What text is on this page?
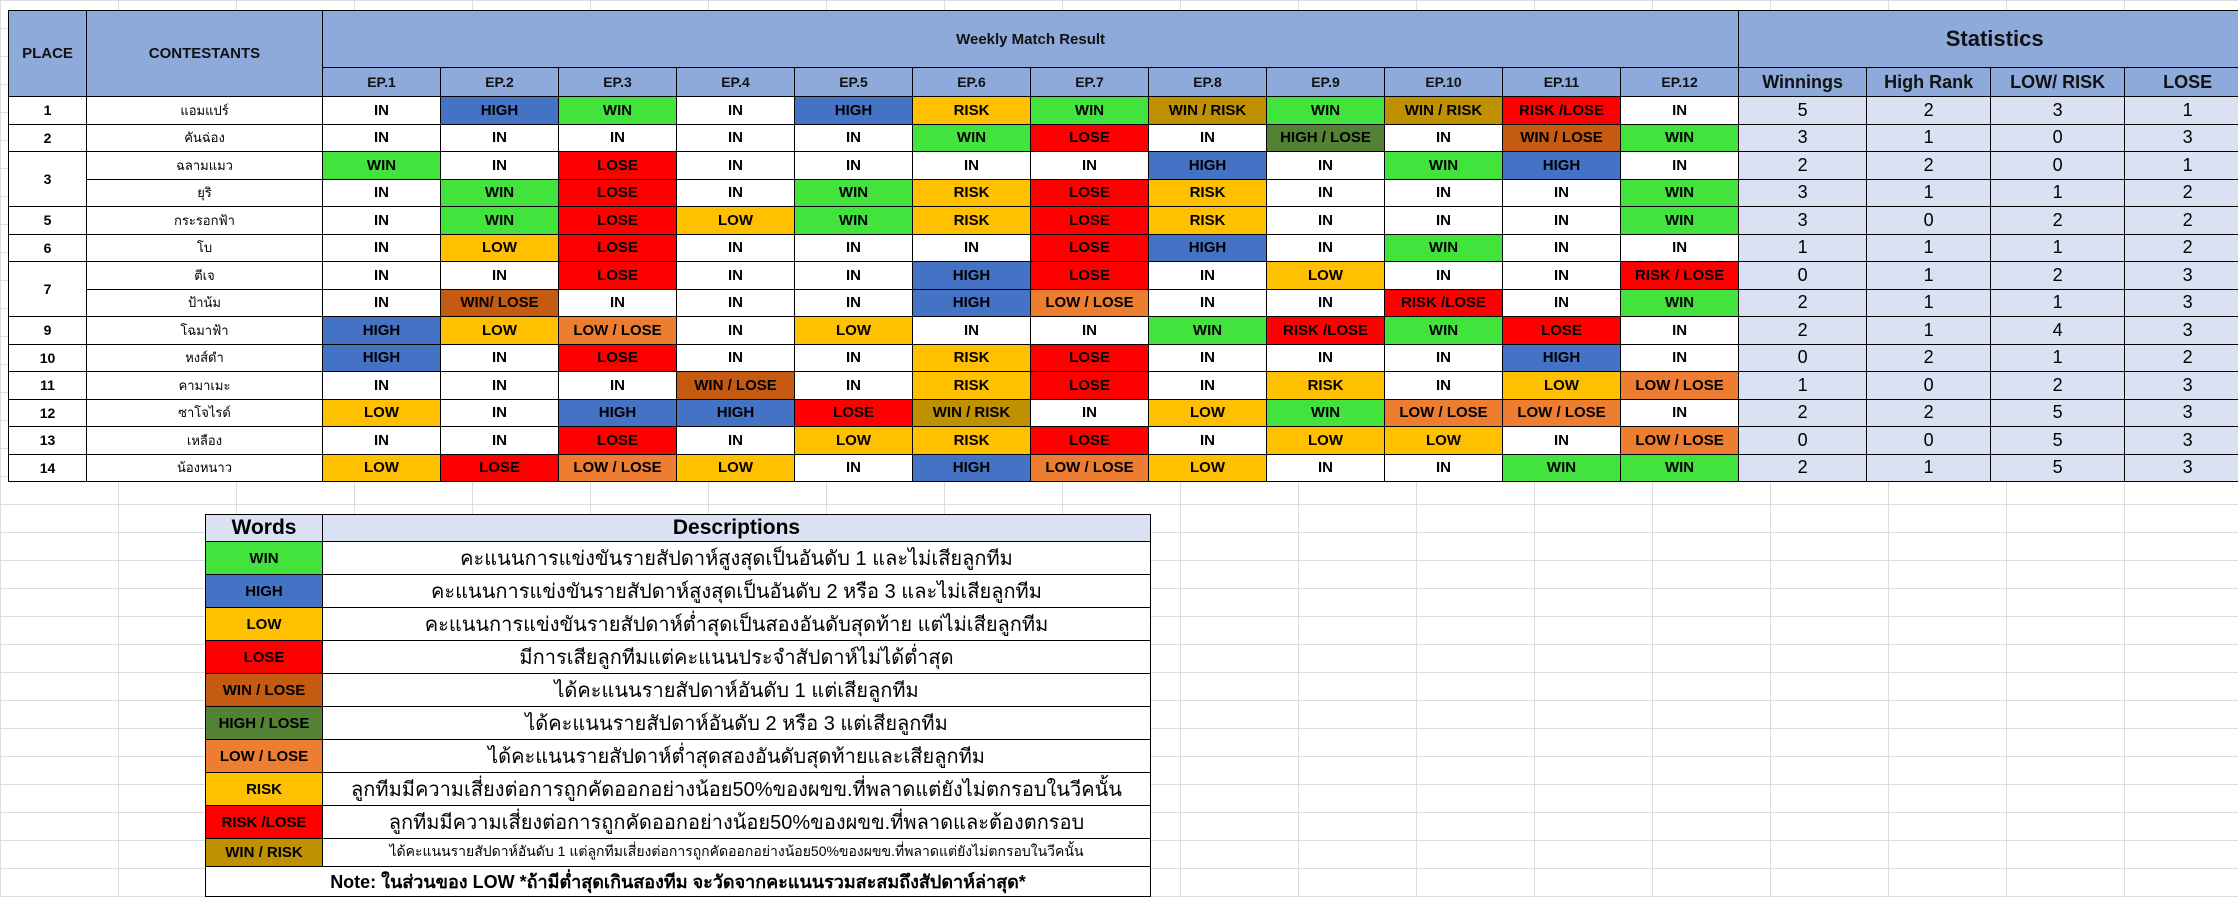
PLACE	CONTESTANTS	Weekly Match Result												Statistics			
		EP.1	EP.2	EP.3	EP.4	EP.5	EP.6	EP.7	EP.8	EP.9	EP.10	EP.11	EP.12	Winnings	High Rank	LOW/ RISK	LOSE
1	แอมแปร์	IN	HIGH	WIN	IN	HIGH	RISK	WIN	WIN / RISK	WIN	WIN / RISK	RISK /LOSE	IN	5	2	3	1
2	คันฉ่อง	IN	IN	IN	IN	IN	WIN	LOSE	IN	HIGH / LOSE	IN	WIN / LOSE	WIN	3	1	0	3
3	ฉลามแมว	WIN	IN	LOSE	IN	IN	IN	IN	HIGH	IN	WIN	HIGH	IN	2	2	0	1
	ยุริ	IN	WIN	LOSE	IN	WIN	RISK	LOSE	RISK	IN	IN	IN	WIN	3	1	1	2
5	กระรอกฟ้า	IN	WIN	LOSE	LOW	WIN	RISK	LOSE	RISK	IN	IN	IN	WIN	3	0	2	2
6	โบ	IN	LOW	LOSE	IN	IN	IN	LOSE	HIGH	IN	WIN	IN	IN	1	1	1	2
7	ตีเจ	IN	IN	LOSE	IN	IN	HIGH	LOSE	IN	LOW	IN	IN	RISK / LOSE	0	1	2	3
	ป้าน้ม	IN	WIN/ LOSE	IN	IN	IN	HIGH	LOW / LOSE	IN	IN	RISK /LOSE	IN	WIN	2	1	1	3
9	โฉมาฟ้า	HIGH	LOW	LOW / LOSE	IN	LOW	IN	IN	WIN	RISK /LOSE	WIN	LOSE	IN	2	1	4	3
10	หงส์ดำ	HIGH	IN	LOSE	IN	IN	RISK	LOSE	IN	IN	IN	HIGH	IN	0	2	1	2
11	คามาเมะ	IN	IN	IN	WIN / LOSE	IN	RISK	LOSE	IN	RISK	IN	LOW	LOW / LOSE	1	0	2	3
12	ซาโจไรด์	LOW	IN	HIGH	HIGH	LOSE	WIN / RISK	IN	LOW	WIN	LOW / LOSE	LOW / LOSE	IN	2	2	5	3
13	เหลือง	IN	IN	LOSE	IN	LOW	RISK	LOSE	IN	LOW	LOW	IN	LOW / LOSE	0	0	5	3
14	น้องหนาว	LOW	LOSE	LOW / LOSE	LOW	IN	HIGH	LOW / LOSE	LOW	IN	IN	WIN	WIN	2	1	5	3
Words	Descriptions
WIN	คะแนนการแข่งขันรายสัปดาห์สูงสุดเป็นอันดับ 1 และไม่เสียลูกทีม
HIGH	คะแนนการแข่งขันรายสัปดาห์สูงสุดเป็นอันดับ 2 หรือ 3 และไม่เสียลูกทีม
LOW	คะแนนการแข่งขันรายสัปดาห์ต่ำสุดเป็นสองอันดับสุดท้าย แต่ไม่เสียลูกทีม
LOSE	มีการเสียลูกทีมแต่คะแนนประจำสัปดาห์ไม่ได้ต่ำสุด
WIN / LOSE	ได้คะแนนรายสัปดาห์อันดับ 1 แต่เสียลูกทีม
HIGH / LOSE	ได้คะแนนรายสัปดาห์อันดับ 2 หรือ 3 แต่เสียลูกทีม
LOW / LOSE	ได้คะแนนรายสัปดาห์ต่ำสุดสองอันดับสุดท้ายและเสียลูกทีม
RISK	ลูกทีมมีความเสี่ยงต่อการถูกคัดออกอย่างน้อย50%ของผขข.ที่พลาดแต่ยังไม่ตกรอบในวีคนั้น
RISK /LOSE	ลูกทีมมีความเสี่ยงต่อการถูกคัดออกอย่างน้อย50%ของผขข.ที่พลาดและต้องตกรอบ
WIN / RISK	ได้คะแนนรายสัปดาห์อันดับ 1 แต่ลูกทีมเสี่ยงต่อการถูกคัดออกอย่างน้อย50%ของผขข.ที่พลาดแต่ยังไม่ตกรอบในวีคนั้น
Note: ในส่วนของ LOW *ถ้ามีต่ำสุดเกินสองทีม จะวัดจากคะแนนรวมสะสมถึงสัปดาห์ล่าสุด*	
